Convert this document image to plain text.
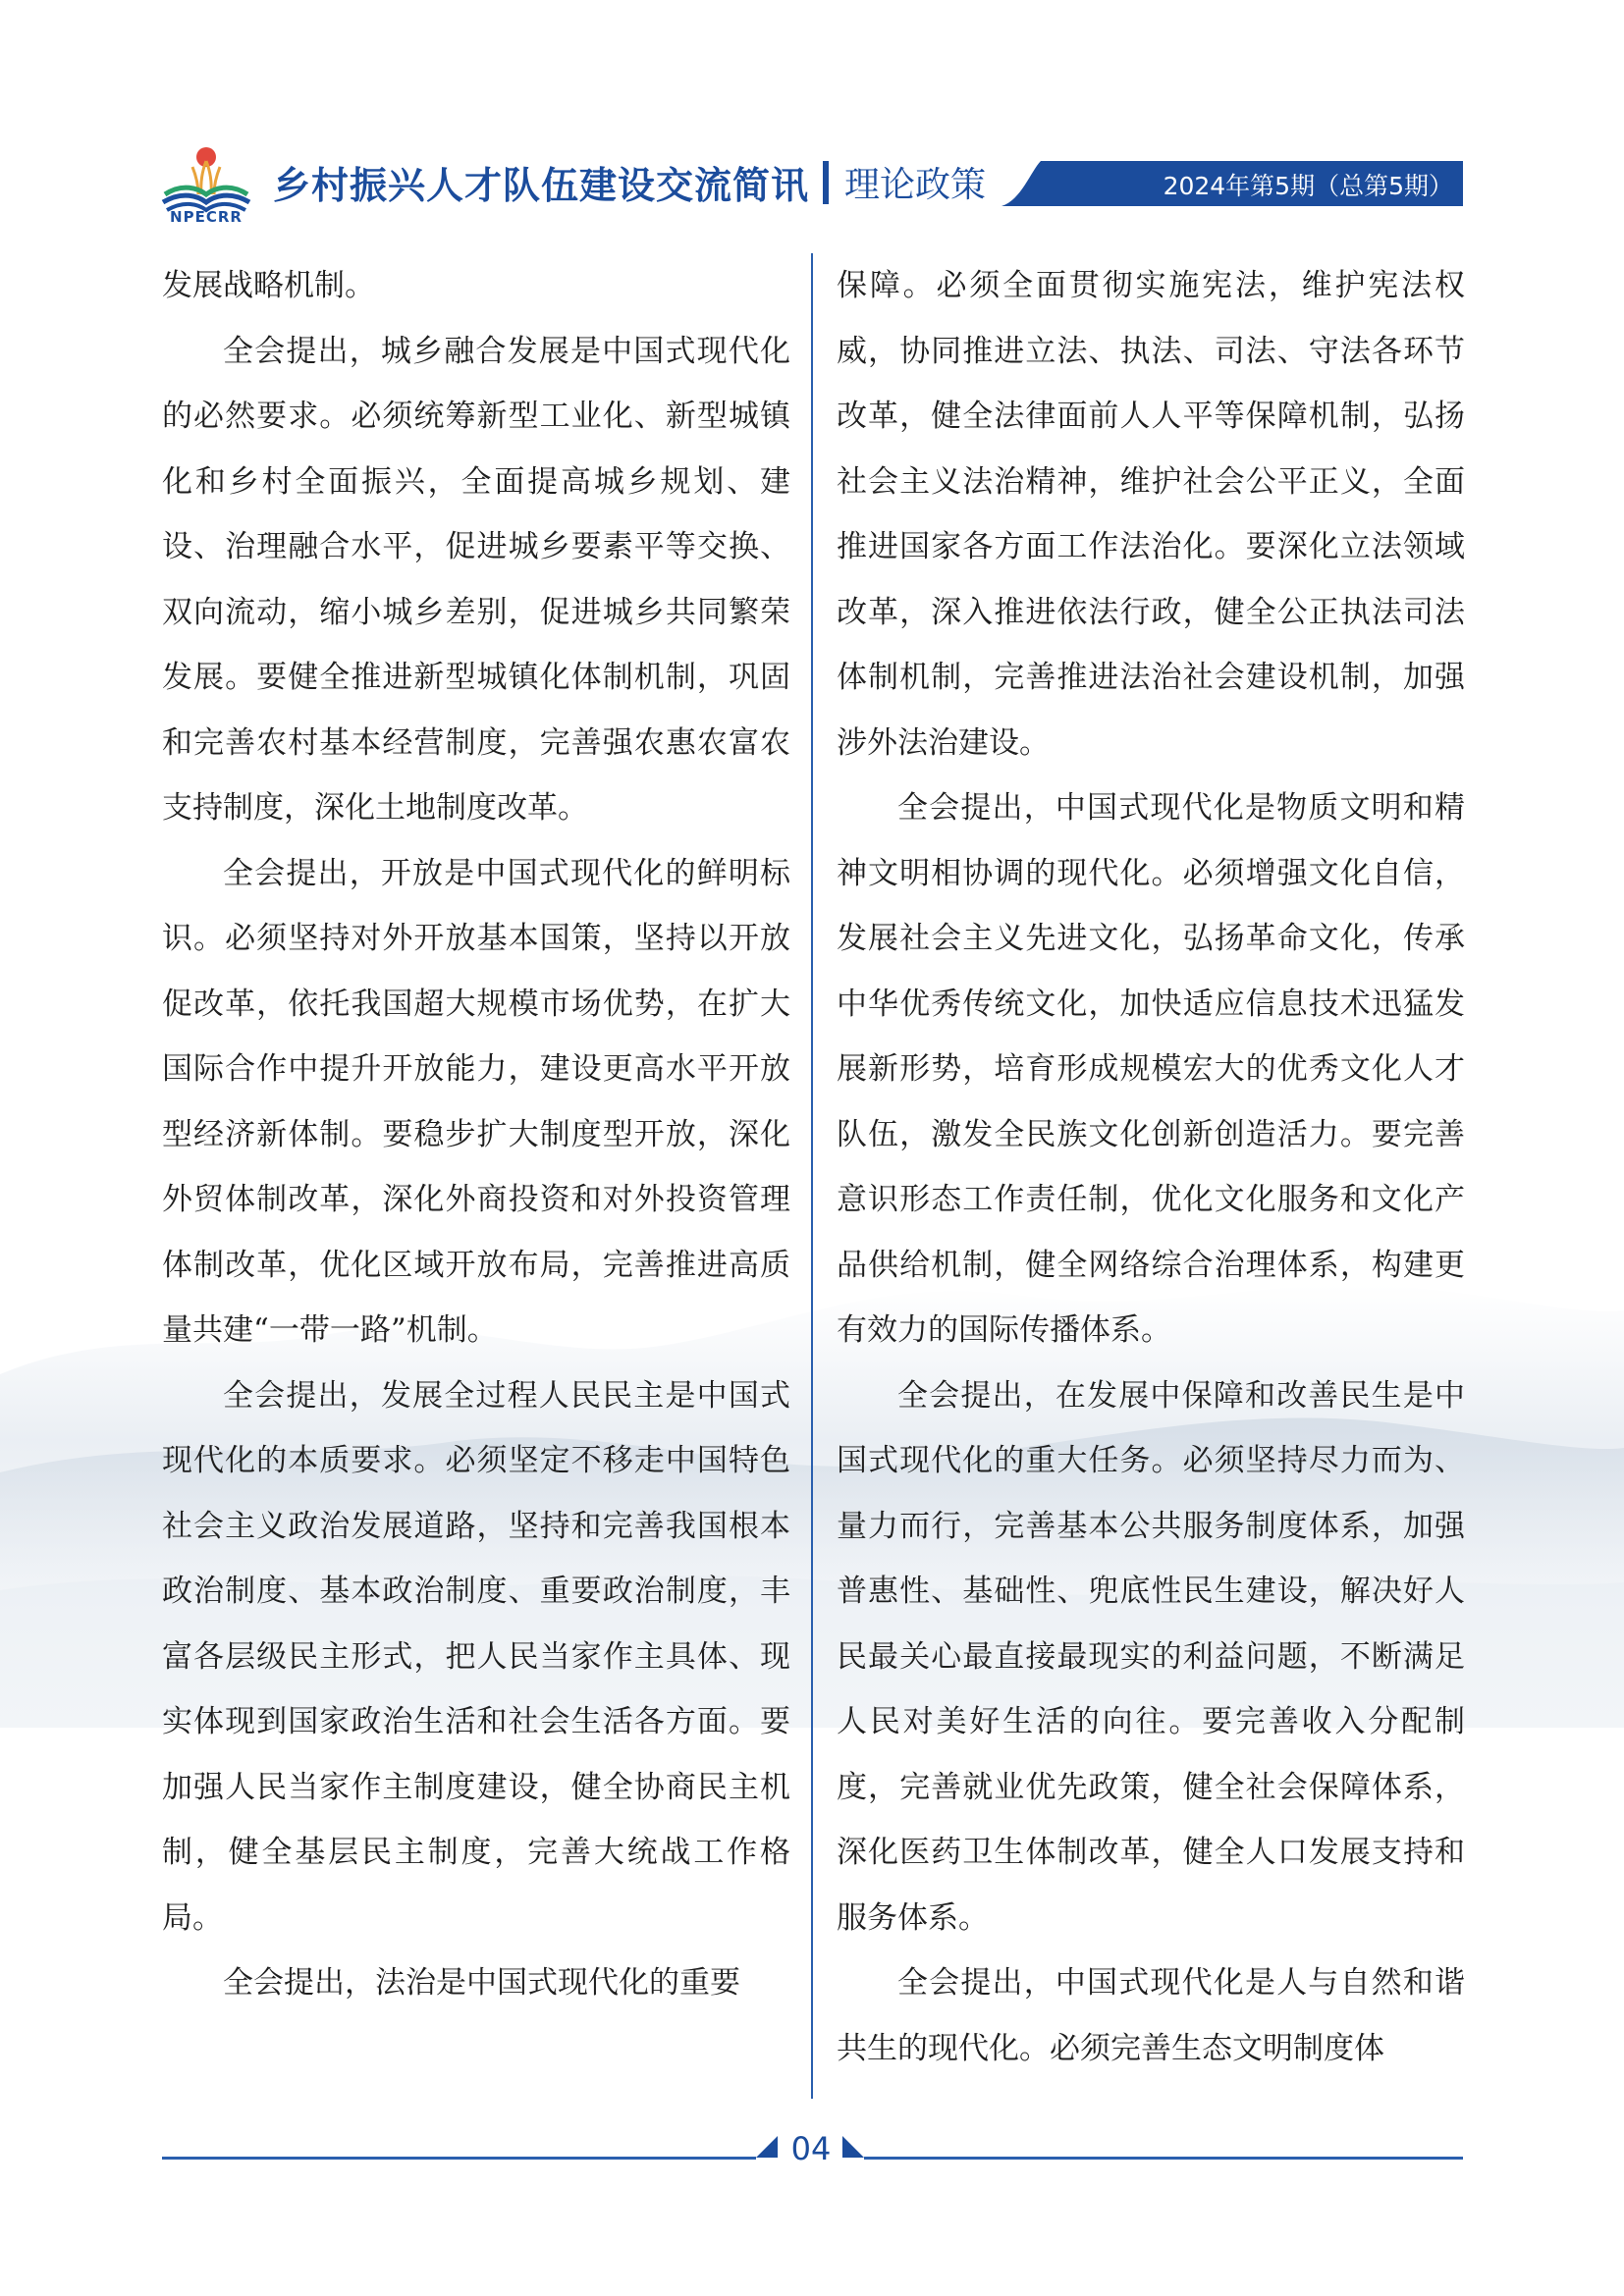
NPECRR
乡村振兴人才队伍建设交流简讯 理论政策	2024年第5期（总第5期）

发展战略机制。

全会提出，城乡融合发展是中国式现代化的必然要求。必须统筹新型工业化、新型城镇化和乡村全面振兴，全面提高城乡规划、建设、治理融合水平，促进城乡要素平等交换、双向流动，缩小城乡差别，促进城乡共同繁荣发展。要健全推进新型城镇化体制机制，巩固和完善农村基本经营制度，完善强农惠农富农支持制度，深化土地制度改革。

全会提出，开放是中国式现代化的鲜明标识。必须坚持对外开放基本国策，坚持以开放促改革，依托我国超大规模市场优势，在扩大国际合作中提升开放能力，建设更高水平开放型经济新体制。要稳步扩大制度型开放，深化外贸体制改革，深化外商投资和对外投资管理体制改革，优化区域开放布局，完善推进高质量共建“一带一路”机制。

全会提出，发展全过程人民民主是中国式现代化的本质要求。必须坚定不移走中国特色社会主义政治发展道路，坚持和完善我国根本政治制度、基本政治制度、重要政治制度，丰富各层级民主形式，把人民当家作主具体、现实体现到国家政治生活和社会生活各方面。要加强人民当家作主制度建设，健全协商民主机制，健全基层民主制度，完善大统战工作格局。

全会提出，法治是中国式现代化的重要

保障。必须全面贯彻实施宪法，维护宪法权威，协同推进立法、执法、司法、守法各环节改革，健全法律面前人人平等保障机制，弘扬社会主义法治精神，维护社会公平正义，全面推进国家各方面工作法治化。要深化立法领域改革，深入推进依法行政，健全公正执法司法体制机制，完善推进法治社会建设机制，加强涉外法治建设。

全会提出，中国式现代化是物质文明和精神文明相协调的现代化。必须增强文化自信，发展社会主义先进文化，弘扬革命文化，传承中华优秀传统文化，加快适应信息技术迅猛发展新形势，培育形成规模宏大的优秀文化人才队伍，激发全民族文化创新创造活力。要完善意识形态工作责任制，优化文化服务和文化产品供给机制，健全网络综合治理体系，构建更有效力的国际传播体系。

全会提出，在发展中保障和改善民生是中国式现代化的重大任务。必须坚持尽力而为、量力而行，完善基本公共服务制度体系，加强普惠性、基础性、兜底性民生建设，解决好人民最关心最直接最现实的利益问题，不断满足人民对美好生活的向往。要完善收入分配制度，完善就业优先政策，健全社会保障体系，深化医药卫生体制改革，健全人口发展支持和服务体系。

全会提出，中国式现代化是人与自然和谐共生的现代化。必须完善生态文明制度体

04
